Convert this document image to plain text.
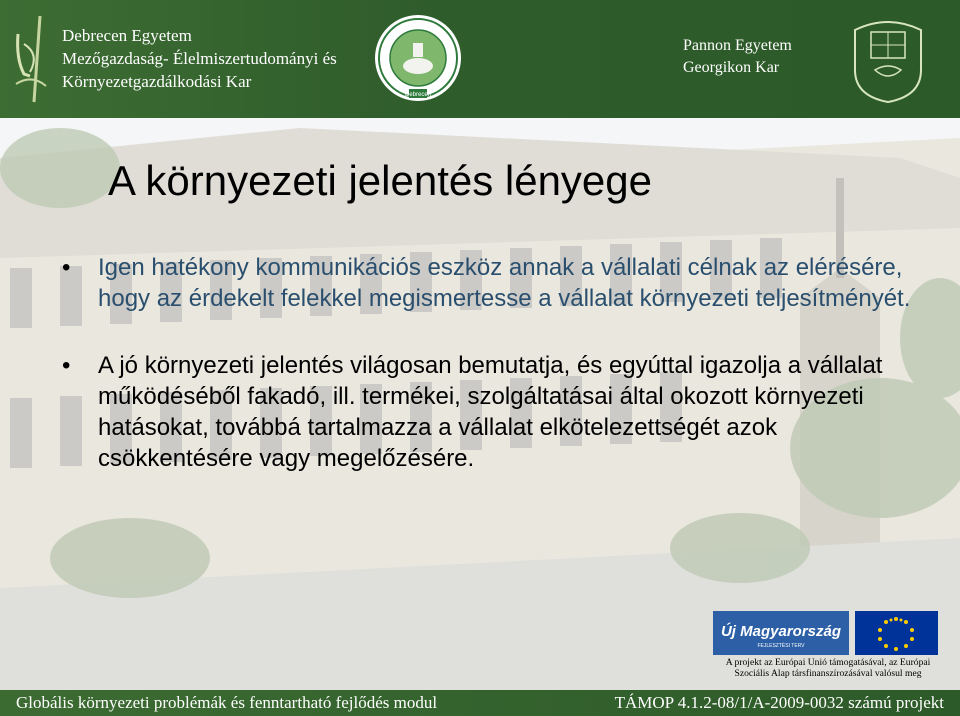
Debrecen Egyetem
Mezőgazdaság- Élelmiszertudományi és
Környezetgazdálkodási Kar
Debrecen
Pannon Egyetem
Georgikon Kar
A környezeti jelentés lényege
• Igen hatékony kommunikációs eszköz annak a vállalati célnak az elérésére, hogy az érdekelt felekkel megismertesse a vállalat környezeti teljesítményét.
• A jó környezeti jelentés világosan bemutatja, és egyúttal igazolja a vállalat működéséből fakadó, ill. termékei, szolgáltatásai által okozott környezeti hatásokat, továbbá tartalmazza a vállalat elkötelezettségét azok csökkentésére vagy megelőzésére.
Új Magyarország
FEJLESZTÉSI TERV
A projekt az Európai Unió támogatásával, az Európai
Szociális Alap társfinanszírozásával valósul meg
Globális környezeti problémák és fenntartható fejlődés modul	TÁMOP 4.1.2-08/1/A-2009-0032 számú projekt
